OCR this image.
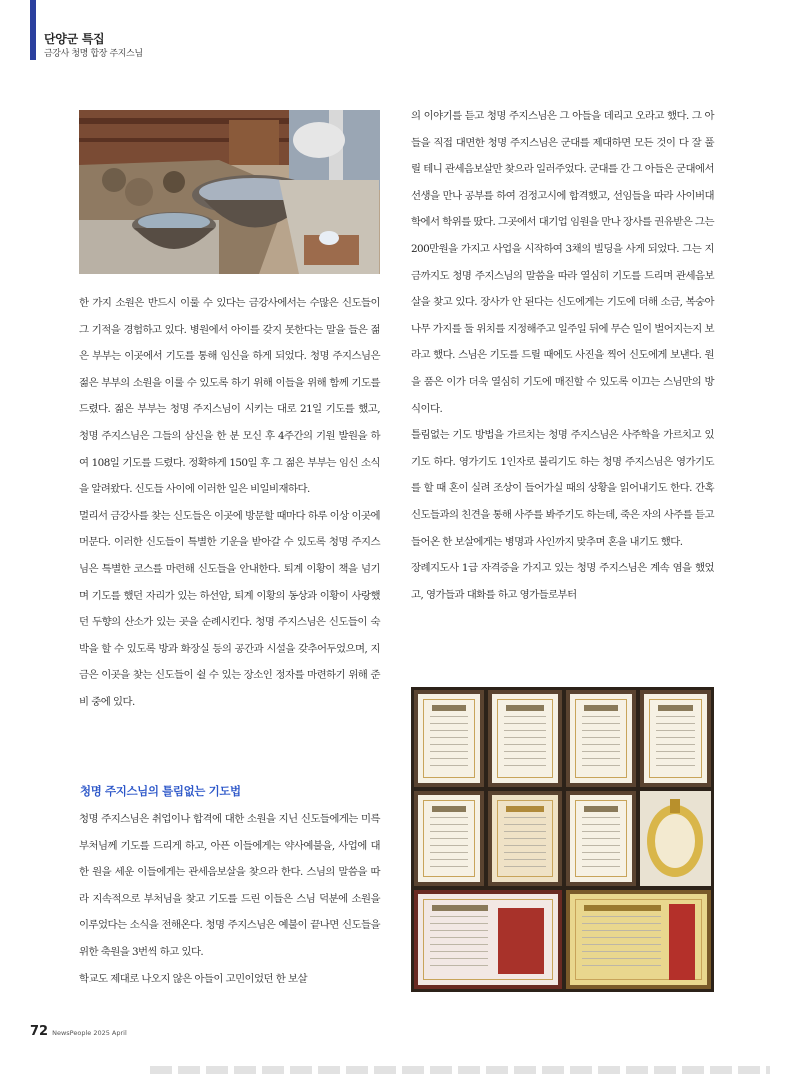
단양군 특집
금강사 청명 합장 주지스님

한 가지 소원은 반드시 이룰 수 있다는 금강사에서는 수많은 신도들이 그 기적을 경험하고 있다. 병원에서 아이를 갖지 못한다는 말을 들은 젊은 부부는 이곳에서 기도를 통해 임신을 하게 되었다. 청명 주지스님은 젊은 부부의 소원을 이룰 수 있도록 하기 위해 이들을 위해 함께 기도를 드렸다. 젊은 부부는 청명 주지스님이 시키는 대로 21일 기도를 했고, 청명 주지스님은 그들의 삼신을 한 분 모신 후 4주간의 기원 발원을 하여 108일 기도를 드렸다. 정확하게 150일 후 그 젊은 부부는 임신 소식을 알려왔다. 신도들 사이에 이러한 일은 비일비재하다.

멀리서 금강사를 찾는 신도들은 이곳에 방문할 때마다 하루 이상 이곳에 머문다. 이러한 신도들이 특별한 기운을 받아갈 수 있도록 청명 주지스님은 특별한 코스를 마련해 신도들을 안내한다. 퇴계 이황이 책을 넘기며 기도를 했던 자리가 있는 하선암, 퇴계 이황의 동상과 이황이 사랑했던 두향의 산소가 있는 곳을 순례시킨다. 청명 주지스님은 신도들이 숙박을 할 수 있도록 방과 화장실 등의 공간과 시설을 갖추어두었으며, 지금은 이곳을 찾는 신도들이 쉴 수 있는 장소인 정자를 마련하기 위해 준비 중에 있다.

청명 주지스님의 틀림없는 기도법

청명 주지스님은 취업이나 합격에 대한 소원을 지닌 신도들에게는 미륵부처님께 기도를 드리게 하고, 아픈 이들에게는 약사예불을, 사업에 대한 원을 세운 이들에게는 관세음보살을 찾으라 한다. 스님의 말씀을 따라 지속적으로 부처님을 찾고 기도를 드린 이들은 스님 덕분에 소원을 이루었다는 소식을 전해온다. 청명 주지스님은 예불이 끝나면 신도들을 위한 축원을 3번씩 하고 있다.

학교도 제대로 나오지 않은 아들이 고민이었던 한 보살

의 이야기를 듣고 청명 주지스님은 그 아들을 데리고 오라고 했다. 그 아들을 직접 대면한 청명 주지스님은 군대를 제대하면 모든 것이 다 잘 풀릴 테니 관세음보살만 찾으라 일러주었다. 군대를 간 그 아들은 군대에서 선생을 만나 공부를 하여 검정고시에 합격했고, 선임들을 따라 사이버대학에서 학위를 땄다. 그곳에서 대기업 임원을 만나 장사를 권유받은 그는 200만원을 가지고 사업을 시작하여 3채의 빌딩을 사게 되었다. 그는 지금까지도 청명 주지스님의 말씀을 따라 열심히 기도를 드리며 관세음보살을 찾고 있다. 장사가 안 된다는 신도에게는 기도에 더해 소금, 복숭아나무 가지를 둘 위치를 지정해주고 일주일 뒤에 무슨 일이 벌어지는지 보라고 했다. 스님은 기도를 드릴 때에도 사진을 찍어 신도에게 보낸다. 원을 품은 이가 더욱 열심히 기도에 매진할 수 있도록 이끄는 스님만의 방식이다.

틀림없는 기도 방법을 가르치는 청명 주지스님은 사주학을 가르치고 있기도 하다. 영가기도 1인자로 불리기도 하는 청명 주지스님은 영가기도를 할 때 혼이 실려 조상이 들어가실 때의 상황을 읽어내기도 한다. 간혹 신도들과의 친견을 통해 사주를 봐주기도 하는데, 죽은 자의 사주를 듣고 들어온 한 보살에게는 병명과 사인까지 맞추며 혼을 내기도 했다.

장례지도사 1급 자격증을 가지고 있는 청명 주지스님은 계속 염을 했었고, 영가들과 대화를 하고 영가들로부터

72 NewsPeople 2025 April
